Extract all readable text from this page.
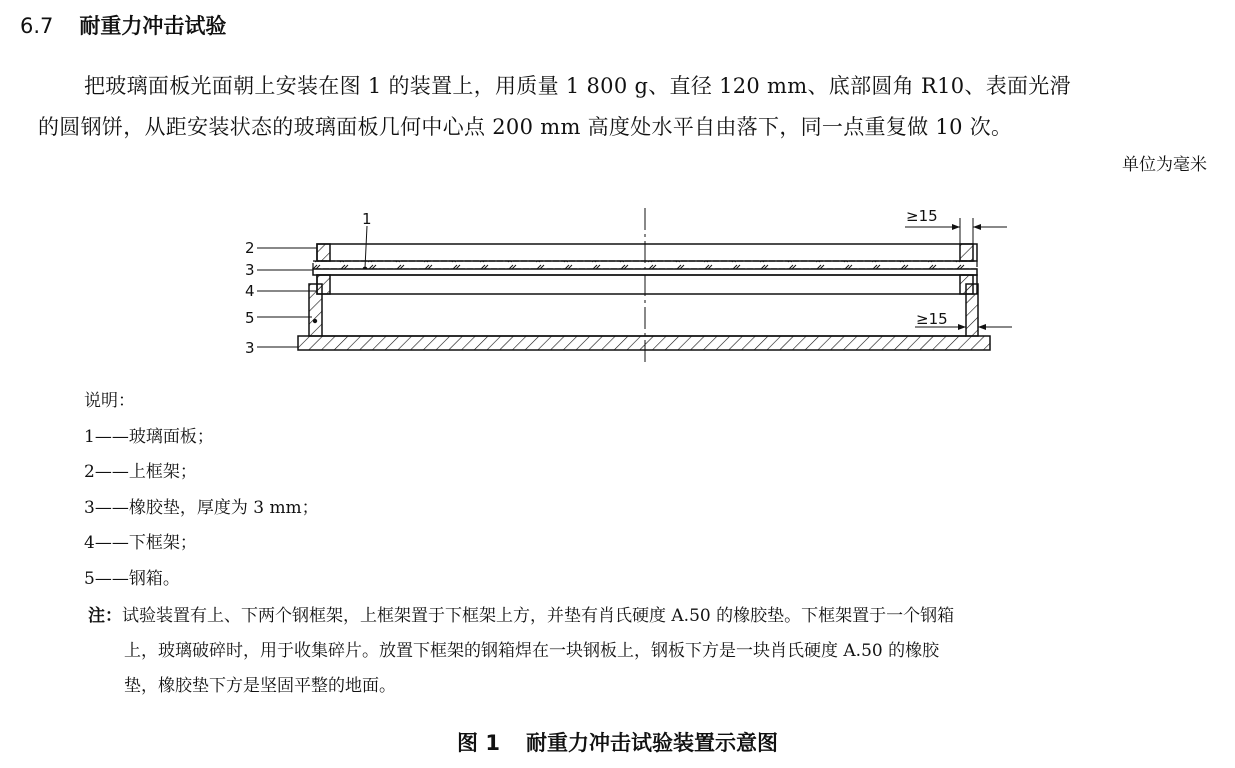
6.7 耐重力冲击试验
把玻璃面板光面朝上安装在图 1 的装置上，用质量 1 800 g、直径 120 mm、底部圆角 R10、表面光滑
的圆钢饼，从距安装状态的玻璃面板几何中心点 200 mm 高度处水平自由落下，同一点重复做 10 次。
单位为毫米
1
2
3
4
5
3
≥15
≥15
说明：
1——玻璃面板；
2——上框架；
3——橡胶垫，厚度为 3 mm；
4——下框架；
5——钢箱。
注：试验装置有上、下两个钢框架，上框架置于下框架上方，并垫有肖氏硬度 A.50 的橡胶垫。下框架置于一个钢箱
上，玻璃破碎时，用于收集碎片。放置下框架的钢箱焊在一块钢板上，钢板下方是一块肖氏硬度 A.50 的橡胶
垫，橡胶垫下方是坚固平整的地面。
图 1 耐重力冲击试验装置示意图
